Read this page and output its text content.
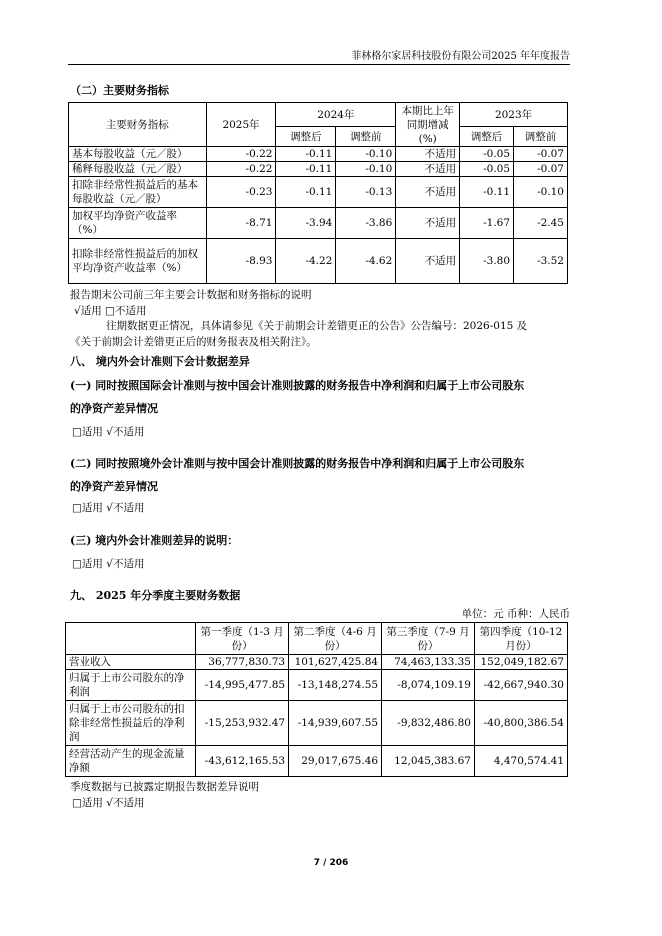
菲林格尔家居科技股份有限公司2025 年年度报告
（二）主要财务指标
主要财务指标	2025年	2024年		本期比上年同期增减(%)	2023年	
		调整后	调整前		调整后	调整前
基本每股收益（元／股）	-0.22	-0.11	-0.10	不适用	-0.05	-0.07
稀释每股收益（元／股）	-0.22	-0.11	-0.10	不适用	-0.05	-0.07
扣除非经常性损益后的基本每股收益（元／股）	-0.23	-0.11	-0.13	不适用	-0.11	-0.10
加权平均净资产收益率（%）	-8.71	-3.94	-3.86	不适用	-1.67	-2.45
扣除非经常性损益后的加权平均净资产收益率（%）	-8.93	-4.22	-4.62	不适用	-3.80	-3.52
报告期末公司前三年主要会计数据和财务指标的说明
√适用 □不适用
往期数据更正情况，具体请参见《关于前期会计差错更正的公告》公告编号：2026-015 及
《关于前期会计差错更正后的财务报表及相关附注》。
八、 境内外会计准则下会计数据差异
(一) 同时按照国际会计准则与按中国会计准则披露的财务报告中净利润和归属于上市公司股东
的净资产差异情况
□适用 √不适用
(二) 同时按照境外会计准则与按中国会计准则披露的财务报告中净利润和归属于上市公司股东
的净资产差异情况
□适用 √不适用
(三) 境内外会计准则差异的说明：
□适用 √不适用
九、 2025 年分季度主要财务数据
单位：元 币种：人民币
	第一季度（1-3 月份）	第二季度（4-6 月份）	第三季度（7-9 月份）	第四季度（10-12 月份）
营业收入	36,777,830.73	101,627,425.84	74,463,133.35	152,049,182.67
归属于上市公司股东的净利润	-14,995,477.85	-13,148,274.55	-8,074,109.19	-42,667,940.30
归属于上市公司股东的扣除非经常性损益后的净利润	-15,253,932.47	-14,939,607.55	-9,832,486.80	-40,800,386.54
经营活动产生的现金流量净额	-43,612,165.53	29,017,675.46	12,045,383.67	4,470,574.41
季度数据与已披露定期报告数据差异说明
□适用 √不适用
7 / 206
